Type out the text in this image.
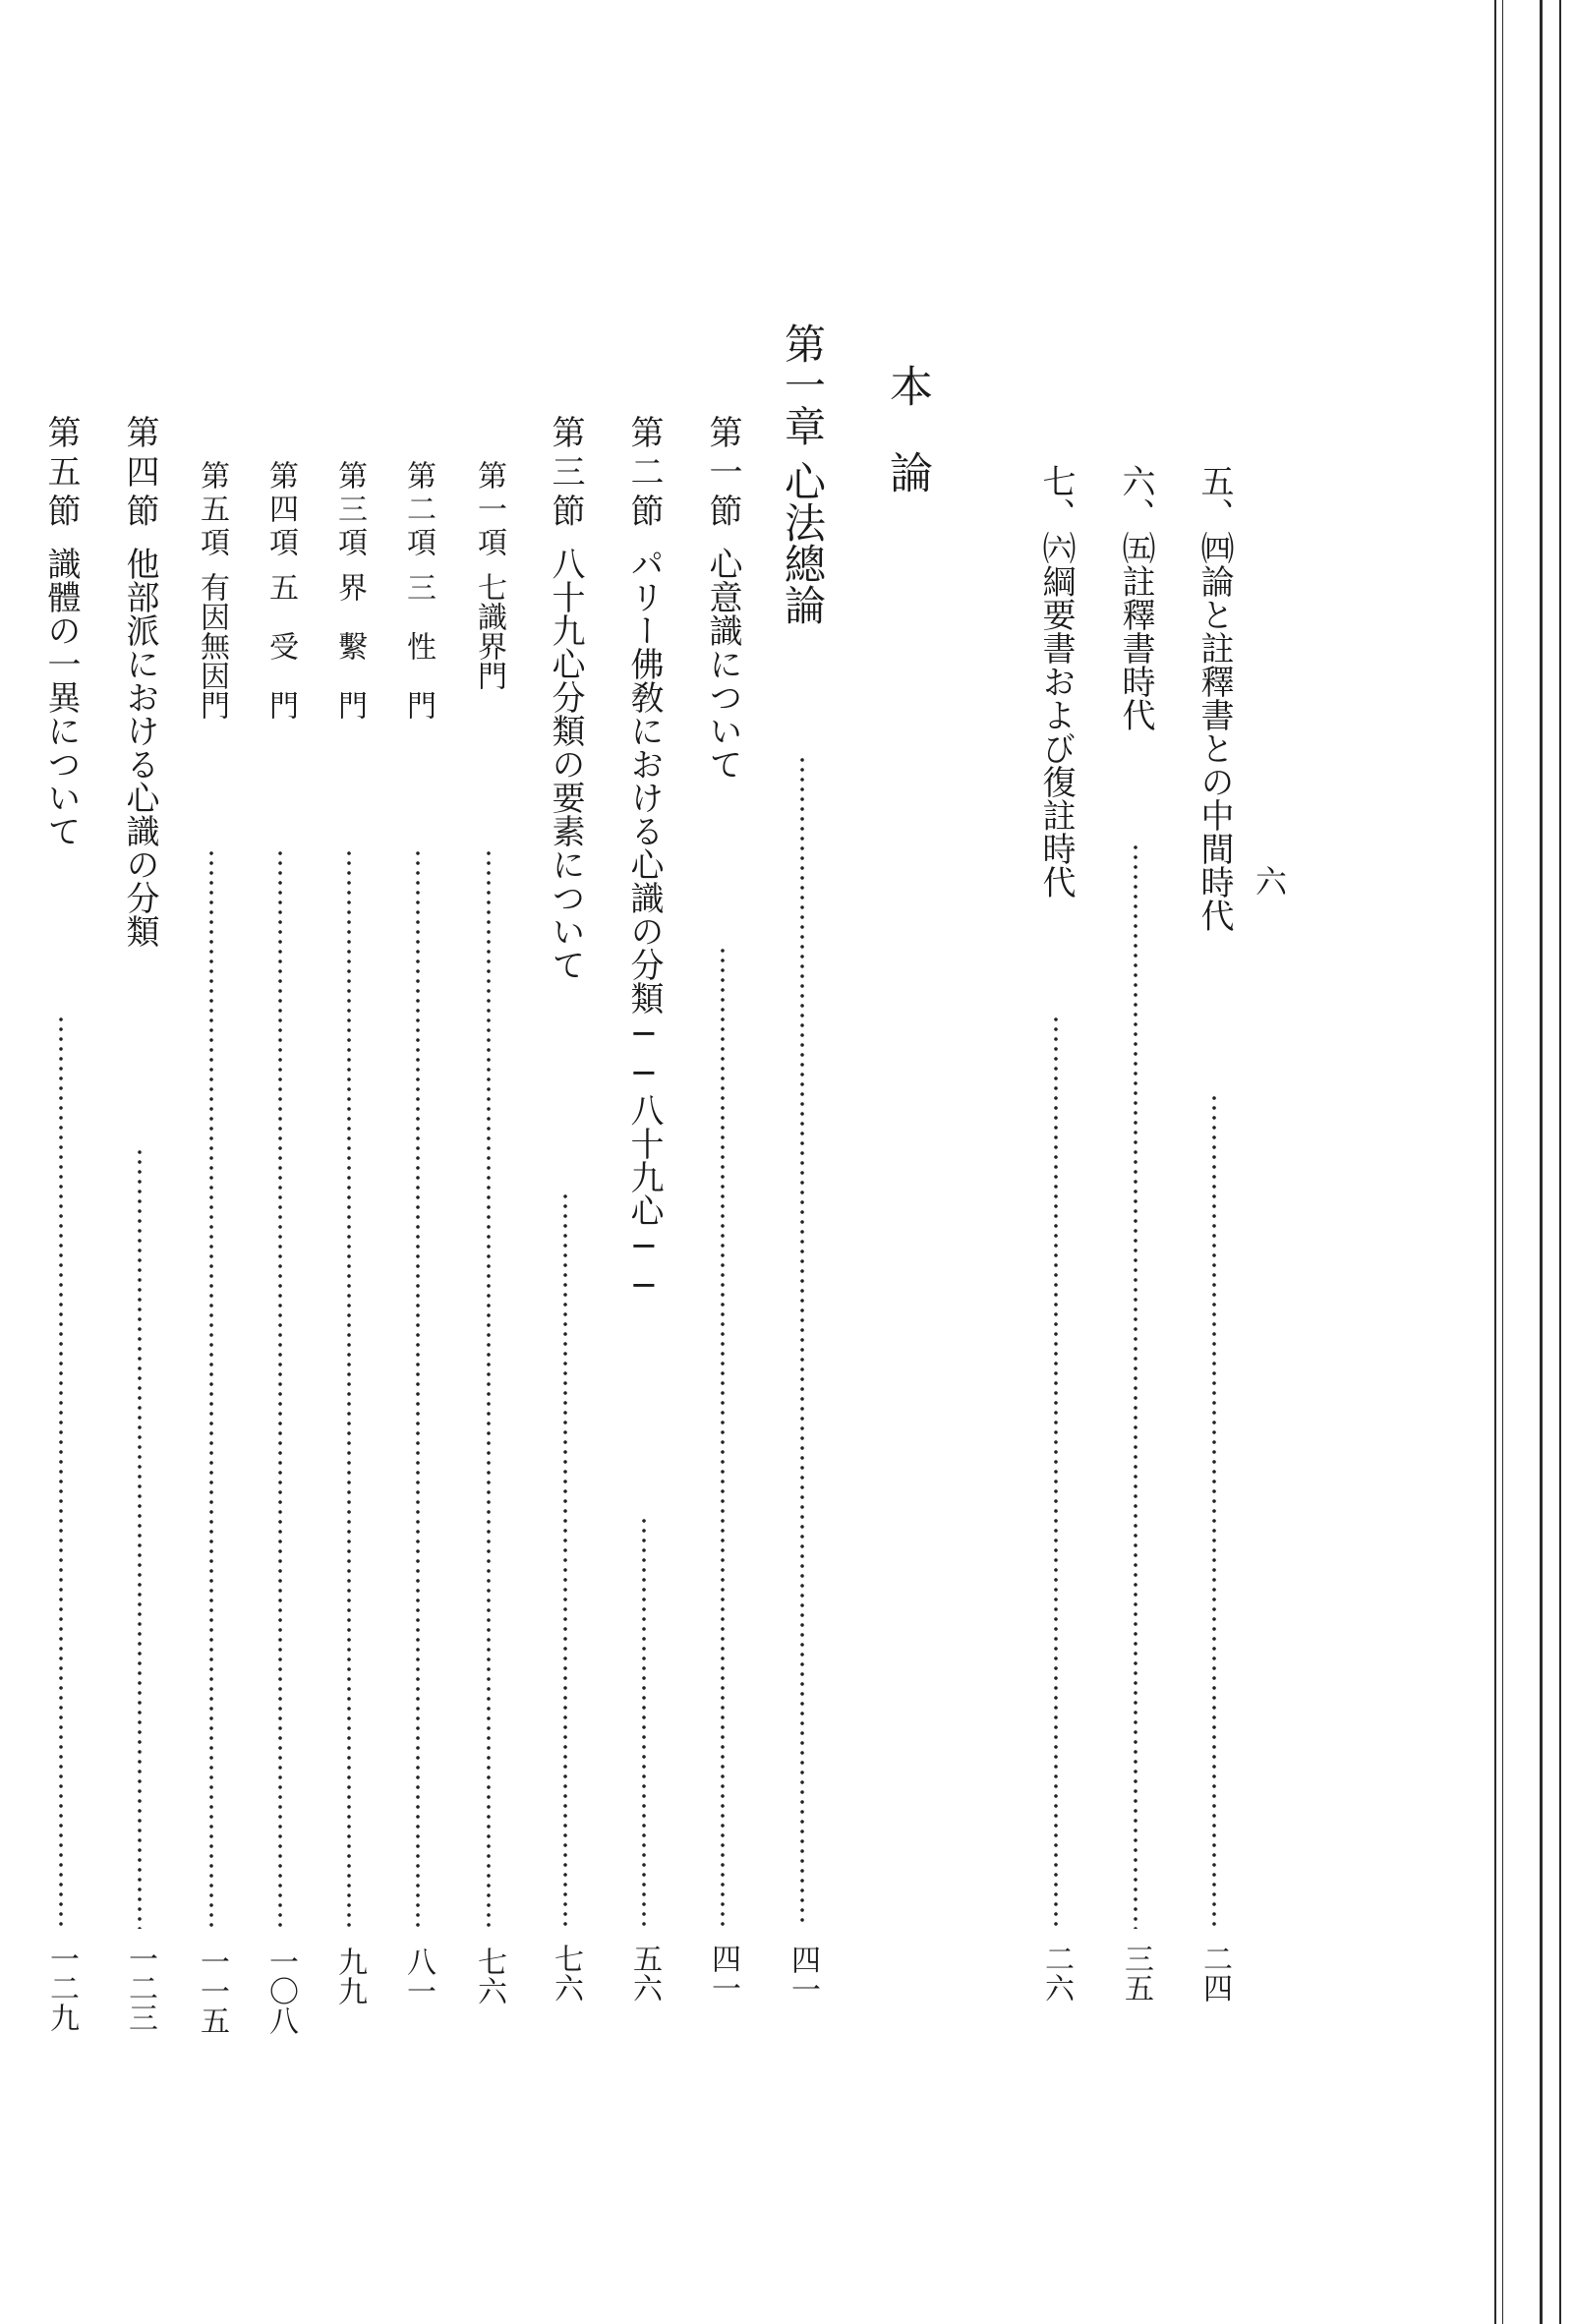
六
五、㈣論と註釋書との中間時代
二四
六、㈤註釋書時代
三五
七、㈥綱要書および復註時代
二六
本　論
第一章心法總論
四一
第一節心意識について
四一
第二節パリー佛敎における心識の分類──八十九心──
五六
第三節八十九心分類の要素について
七六
第一項七識界門
七六
第二項三　性　門
八一
第三項界　繫　門
九九
第四項五　受　門
一〇八
第五項有因無因門
一一五
第四節他部派における心識の分類
一二三
第五節識體の一異について
一二九
